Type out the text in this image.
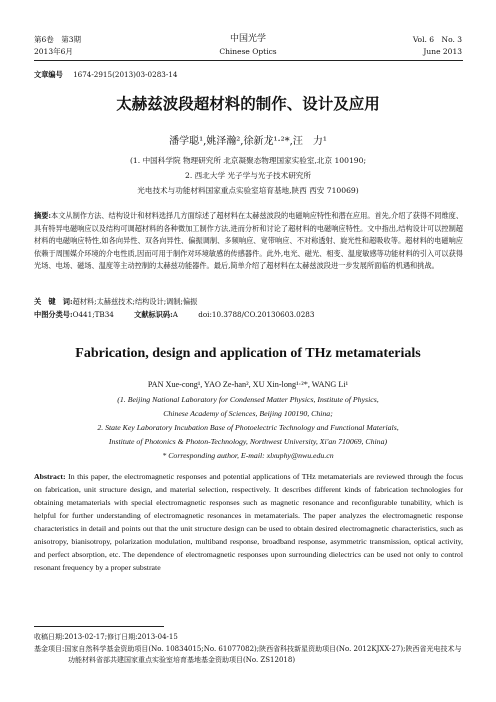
第6卷　第3期
2013年6月
中国光学
Chinese Optics
Vol. 6　No. 3
June 2013
文章编号 1674-2915(2013)03-0283-14
太赫兹波段超材料的制作、设计及应用
潘学聪¹,姚泽瀚²,徐新龙¹·²*,汪　力¹
(1. 中国科学院 物理研究所 北京凝聚态物理国家实验室,北京 100190;
2. 西北大学 光子学与光子技术研究所
光电技术与功能材料国家重点实验室培育基地,陕西 西安 710069)
摘要:本文从制作方法、结构设计和材料选择几方面综述了超材料在太赫兹波段的电磁响应特性和潜在应用。首先,介绍了获得不同维度、具有特异电磁响应以及结构可调超材料的各种微加工制作方法,进而分析和讨论了超材料的电磁响应特性。文中指出,结构设计可以控制超材料的电磁响应特性,如各向异性、双各向异性、偏振调制、多频响应、宽带响应、不对称透射、旋光性和超吸收等。超材料的电磁响应依赖于周围媒介环境的介电性质,因而可用于制作对环境敏感的传感器件。此外,电光、磁光、相变、温度敏感等功能材料的引入可以获得光场、电场、磁场、温度等主动控制的太赫兹功能器件。最后,简单介绍了超材料在太赫兹波段进一步发展所面临的机遇和挑战。
关　键　词:超材料;太赫兹技术;结构设计;调制;偏振
中图分类号:O441;TB34	文献标识码:A	doi:10.3788/CO.20130603.0283
Fabrication, design and application of THz metamaterials
PAN Xue-cong¹, YAO Ze-han², XU Xin-long¹·²*, WANG Li¹
(1. Beijing National Laboratory for Condensed Matter Physics, Institute of Physics,
Chinese Academy of Sciences, Beijing 100190, China;
2. State Key Laboratory Incubation Base of Photoelectric Technology and Functional Materials,
Institute of Photonics & Photon-Technology, Northwest University, Xi'an 710069, China)
* Corresponding author, E-mail: xlxuphy@nwu.edu.cn
Abstract: In this paper, the electromagnetic responses and potential applications of THz metamaterials are reviewed through the focus on fabrication, unit structure design, and material selection, respectively. It describes different kinds of fabrication technologies for obtaining metamaterials with special electromagnetic responses such as magnetic resonance and reconfigurable tunability, which is helpful for further understanding of electromagnetic resonances in metamaterials. The paper analyzes the electromagnetic response characteristics in detail and points out that the unit structure design can be used to obtain desired electromagnetic characteristics, such as anisotropy, bianisotropy, polarization modulation, multiband response, broadband response, asymmetric transmission, optical activity, and perfect absorption, etc. The dependence of electromagnetic responses upon surrounding dielectrics can be used not only to control resonant frequency by a proper substrate
收稿日期:2013-02-17;修订日期:2013-04-15
基金项目:国家自然科学基金资助项目(No. 10834015;No. 61077082);陕西省科技新星资助项目(No. 2012KJXX-27);陕西省光电技术与功能材料省部共建国家重点实验室培育基地基金资助项目(No. ZS12018)
